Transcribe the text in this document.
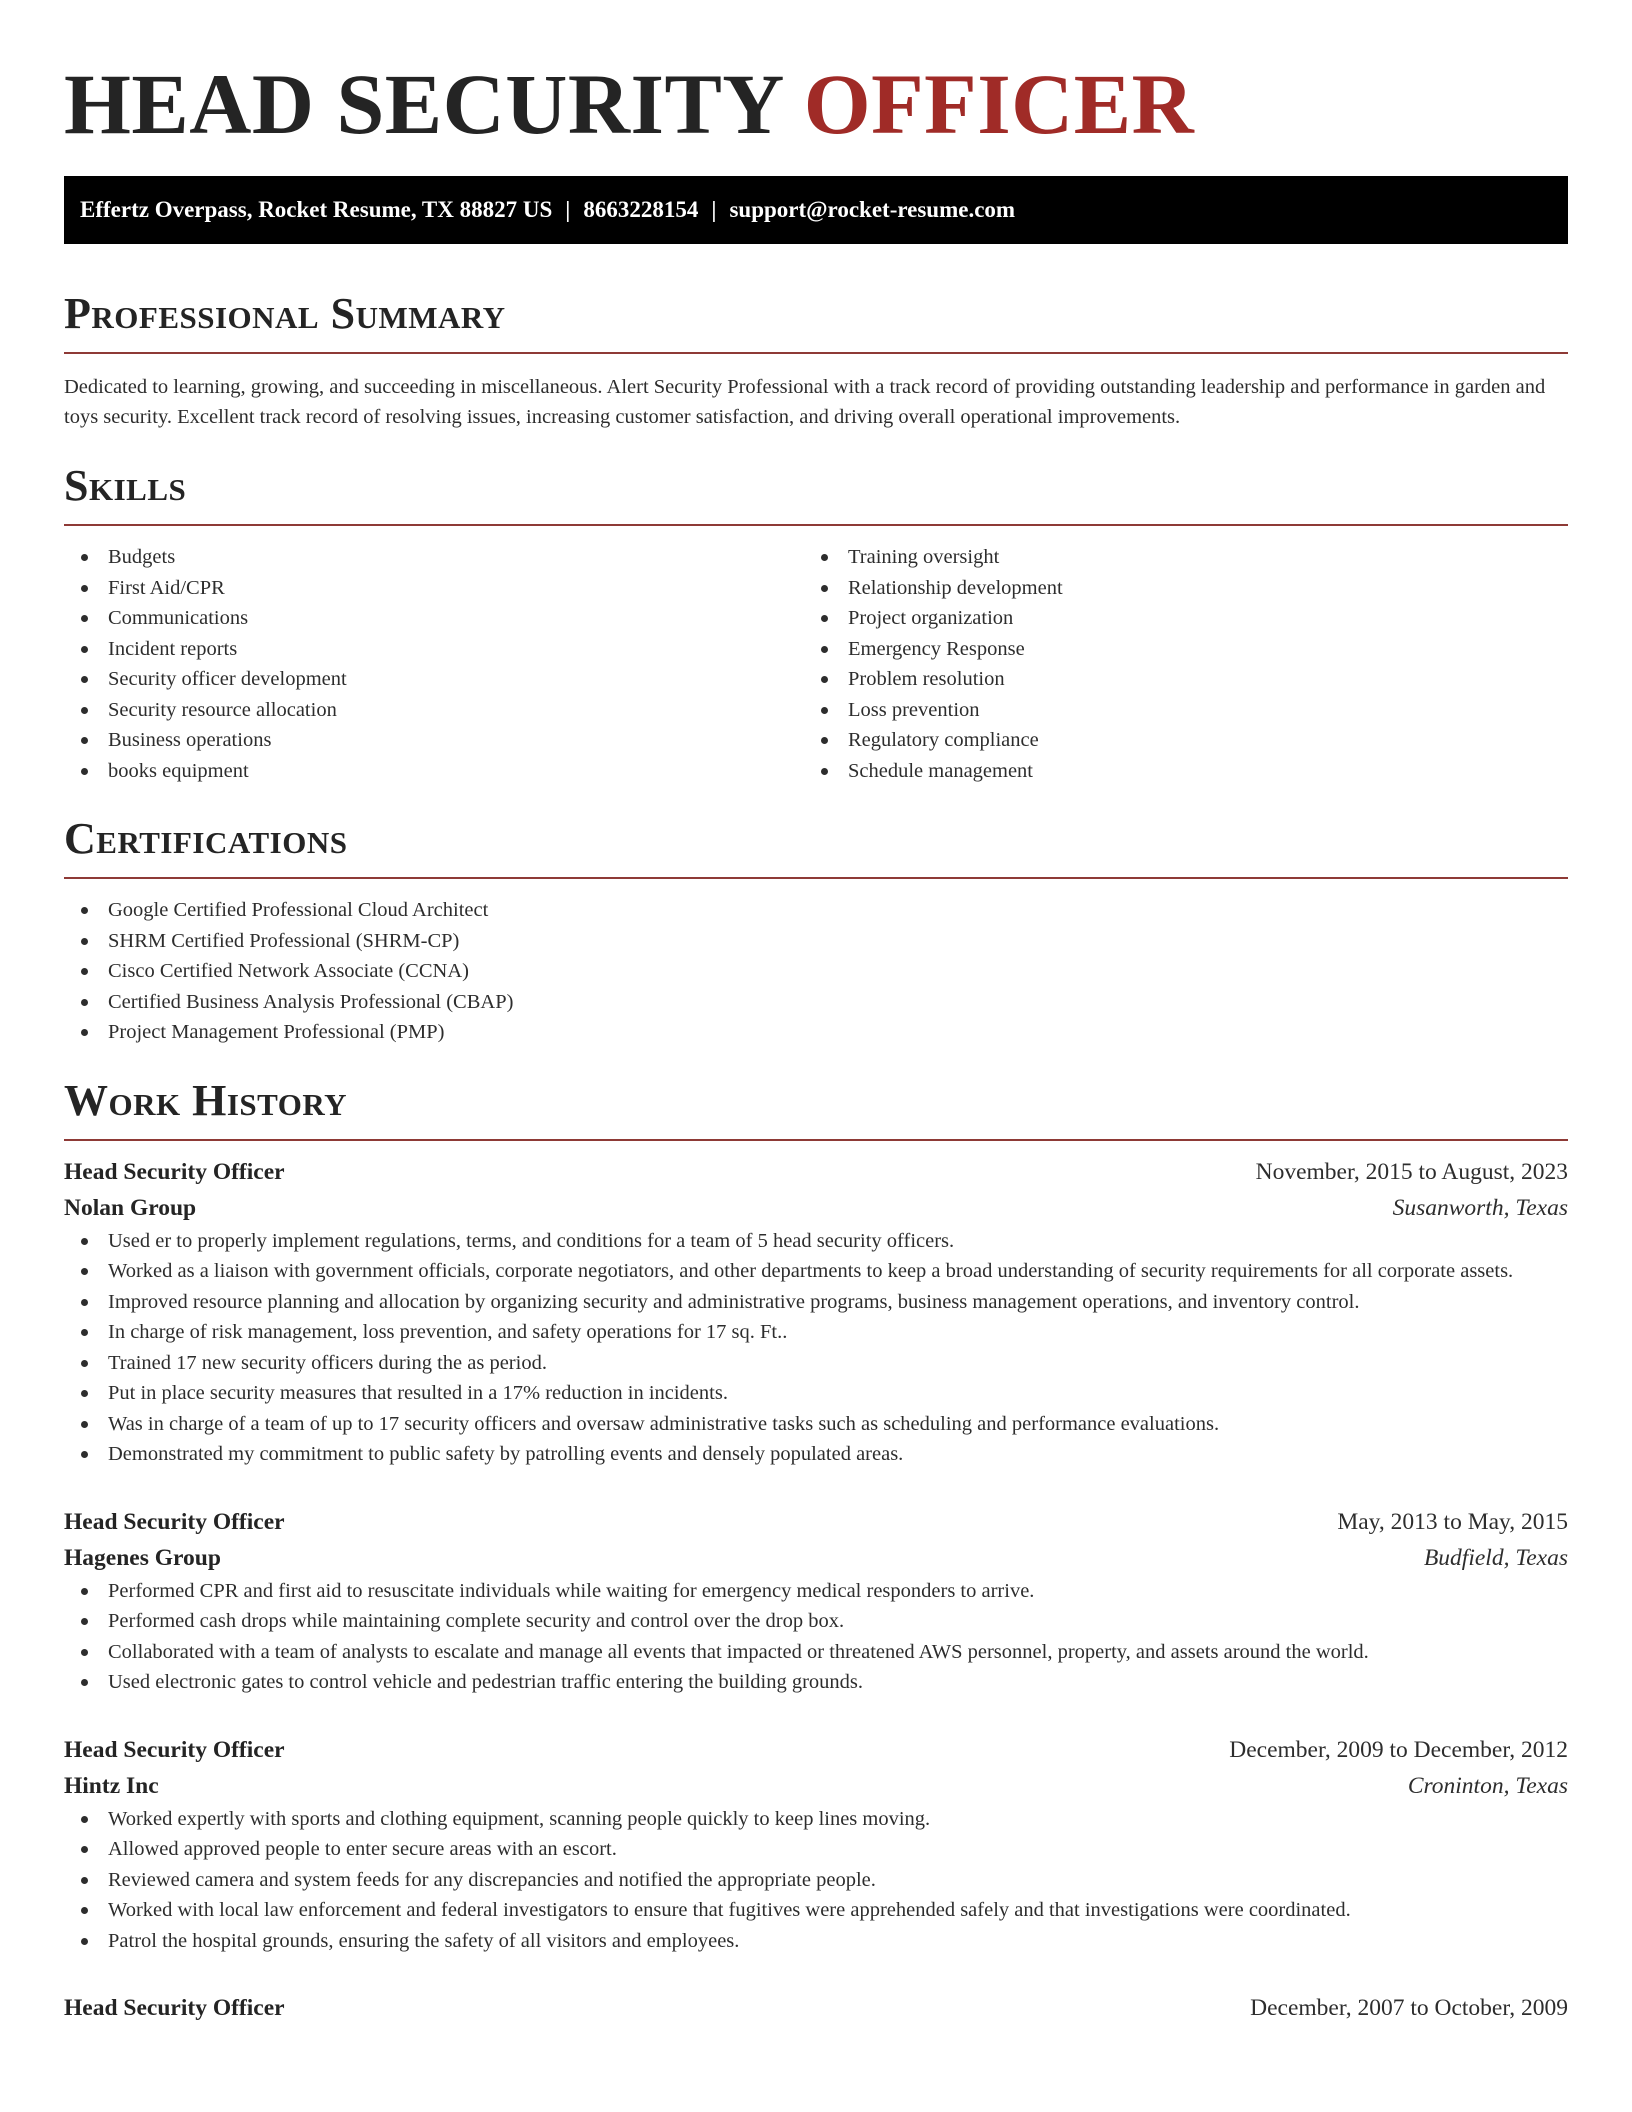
HEAD SECURITY OFFICER
Effertz Overpass, Rocket Resume, TX 88827 US | 8663228154 | support@rocket-resume.com
Professional Summary

Dedicated to learning, growing, and succeeding in miscellaneous. Alert Security Professional with a track record of providing outstanding leadership and performance in garden and toys security. Excellent track record of resolving issues, increasing customer satisfaction, and driving overall operational improvements.

Skills
Budgets
First Aid/CPR
Communications
Incident reports
Security officer development
Security resource allocation
Business operations
books equipment
Training oversight
Relationship development
Project organization
Emergency Response
Problem resolution
Loss prevention
Regulatory compliance
Schedule management
Certifications
Google Certified Professional Cloud Architect
SHRM Certified Professional (SHRM-CP)
Cisco Certified Network Associate (CCNA)
Certified Business Analysis Professional (CBAP)
Project Management Professional (PMP)
Work History
Head Security Officer	November, 2015 to August, 2023
Nolan Group	Susanworth, Texas
Used er to properly implement regulations, terms, and conditions for a team of 5 head security officers.
Worked as a liaison with government officials, corporate negotiators, and other departments to keep a broad understanding of security requirements for all corporate assets.
Improved resource planning and allocation by organizing security and administrative programs, business management operations, and inventory control.
In charge of risk management, loss prevention, and safety operations for 17 sq. Ft..
Trained 17 new security officers during the as period.
Put in place security measures that resulted in a 17% reduction in incidents.
Was in charge of a team of up to 17 security officers and oversaw administrative tasks such as scheduling and performance evaluations.
Demonstrated my commitment to public safety by patrolling events and densely populated areas.
Head Security Officer	May, 2013 to May, 2015
Hagenes Group	Budfield, Texas
Performed CPR and first aid to resuscitate individuals while waiting for emergency medical responders to arrive.
Performed cash drops while maintaining complete security and control over the drop box.
Collaborated with a team of analysts to escalate and manage all events that impacted or threatened AWS personnel, property, and assets around the world.
Used electronic gates to control vehicle and pedestrian traffic entering the building grounds.
Head Security Officer	December, 2009 to December, 2012
Hintz Inc	Croninton, Texas
Worked expertly with sports and clothing equipment, scanning people quickly to keep lines moving.
Allowed approved people to enter secure areas with an escort.
Reviewed camera and system feeds for any discrepancies and notified the appropriate people.
Worked with local law enforcement and federal investigators to ensure that fugitives were apprehended safely and that investigations were coordinated.
Patrol the hospital grounds, ensuring the safety of all visitors and employees.
Head Security Officer	December, 2007 to October, 2009
